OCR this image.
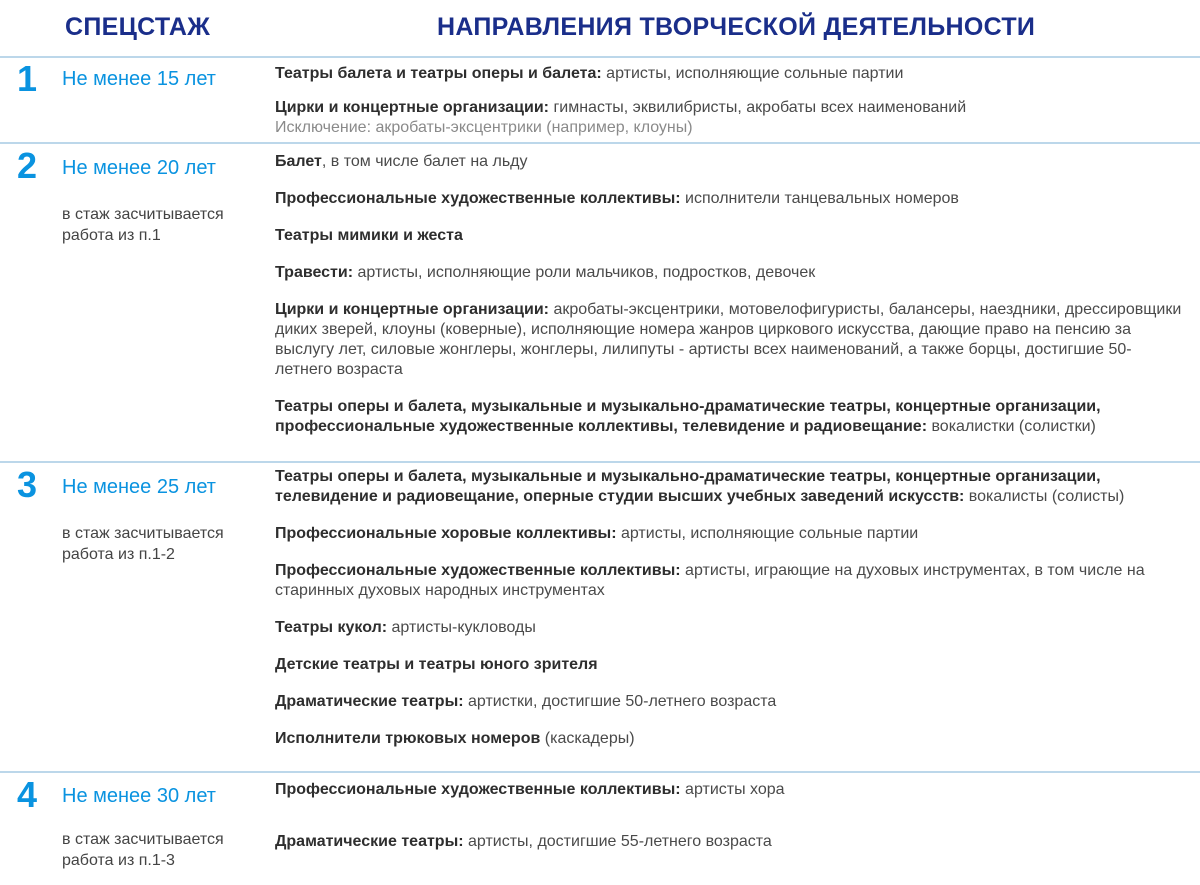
СПЕЦСТАЖ	НАПРАВЛЕНИЯ ТВОРЧЕСКОЙ ДЕЯТЕЛЬНОСТИ
1 Не менее 15 лет	Театры балета и театры оперы и балета: артисты, исполняющие сольные партии
Цирки и концертные организации: гимнасты, эквилибристы, акробаты всех наименований
Исключение: акробаты-эксцентрики (например, клоуны)
2 Не менее 20 лет
в стаж засчитывается работа из п.1
Балет, в том числе балет на льду
Профессиональные художественные коллективы: исполнители танцевальных номеров
Театры мимики и жеста
Травести: артисты, исполняющие роли мальчиков, подростков, девочек
Цирки и концертные организации: акробаты-эксцентрики, мотовелофигуристы, балансеры, наездники, дрессировщики диких зверей, клоуны (коверные), исполняющие номера жанров циркового искусства, дающие право на пенсию за выслугу лет, силовые жонглеры, жонглеры, лилипуты - артисты всех наименований, а также борцы, достигшие 50-летнего возраста
Театры оперы и балета, музыкальные и музыкально-драматические театры, концертные организации, профессиональные художественные коллективы, телевидение и радиовещание: вокалистки (солистки)
3 Не менее 25 лет
в стаж засчитывается работа из п.1-2
Театры оперы и балета, музыкальные и музыкально-драматические театры, концертные организации, телевидение и радиовещание, оперные студии высших учебных заведений искусств: вокалисты (солисты)
Профессиональные хоровые коллективы: артисты, исполняющие сольные партии
Профессиональные художественные коллективы: артисты, играющие на духовых инструментах, в том числе на старинных духовых народных инструментах
Театры кукол: артисты-кукловоды
Детские театры и театры юного зрителя
Драматические театры: артистки, достигшие 50-летнего возраста
Исполнители трюковых номеров (каскадеры)
4 Не менее 30 лет
в стаж засчитывается работа из п.1-3
Профессиональные художественные коллективы: артисты хора
Драматические театры: артисты, достигшие 55-летнего возраста
